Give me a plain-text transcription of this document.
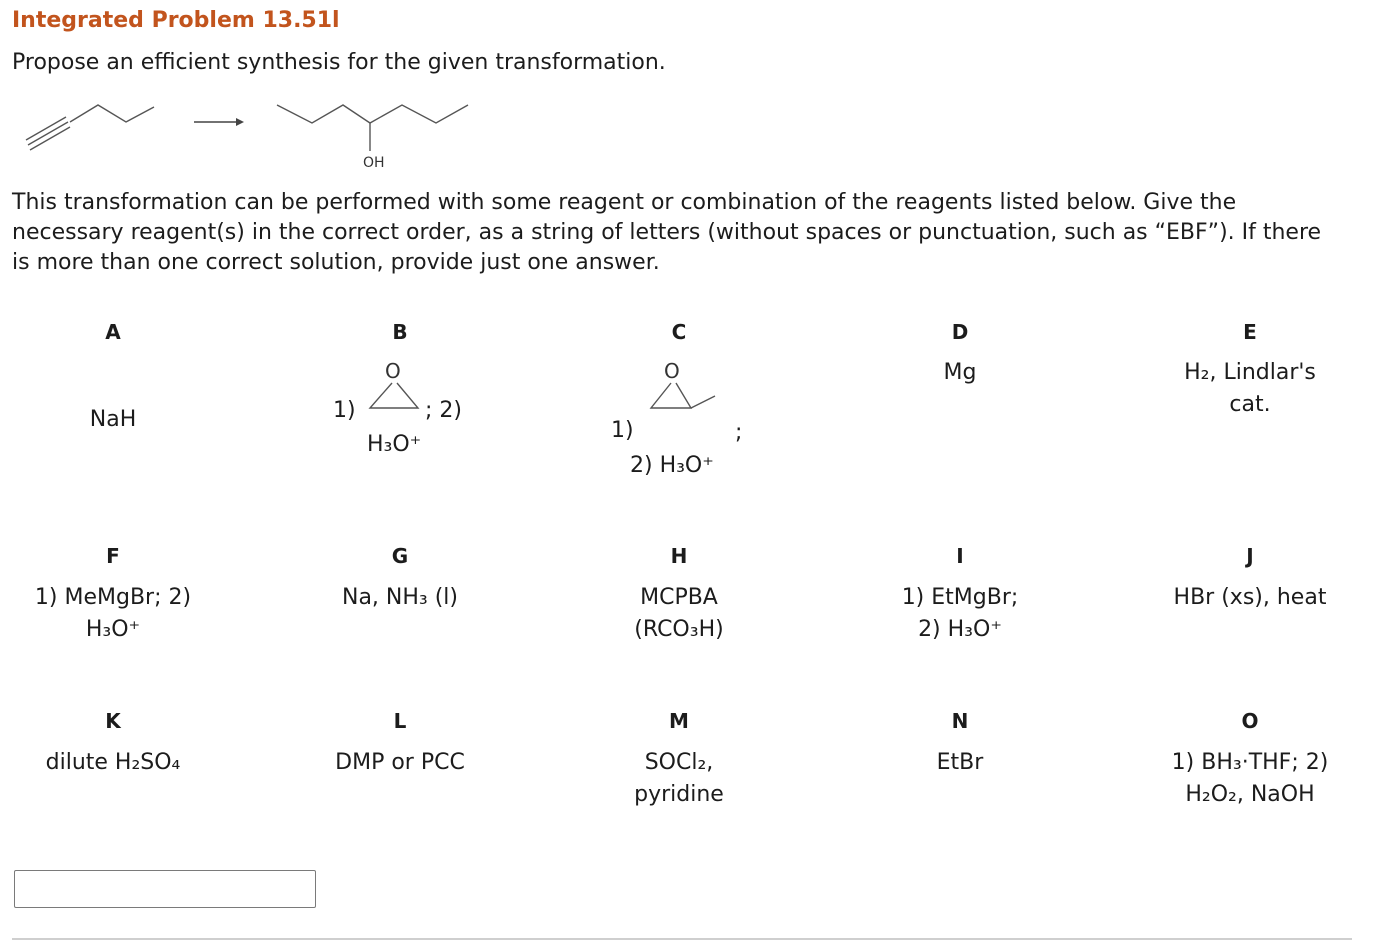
Integrated Problem 13.51l
Propose an efficient synthesis for the given transformation.
OH
This transformation can be performed with some reagent or combination of the reagents listed below. Give the necessary reagent(s) in the correct order, as a string of letters (without spaces or punctuation, such as “EBF”). If there is more than one correct solution, provide just one answer.
A
NaH
B
1)
O
; 2)
H₃O⁺
C
1)
O
;
2) H₃O⁺
D
Mg
E
H₂, Lindlar's
cat.
F
1) MeMgBr; 2)
H₃O⁺
G
Na, NH₃ (l)
H
MCPBA
(RCO₃H)
I
1) EtMgBr;
2) H₃O⁺
J
HBr (xs), heat
K
dilute H₂SO₄
L
DMP or PCC
M
SOCl₂,
pyridine
N
EtBr
O
1) BH₃·THF; 2)
H₂O₂, NaOH
